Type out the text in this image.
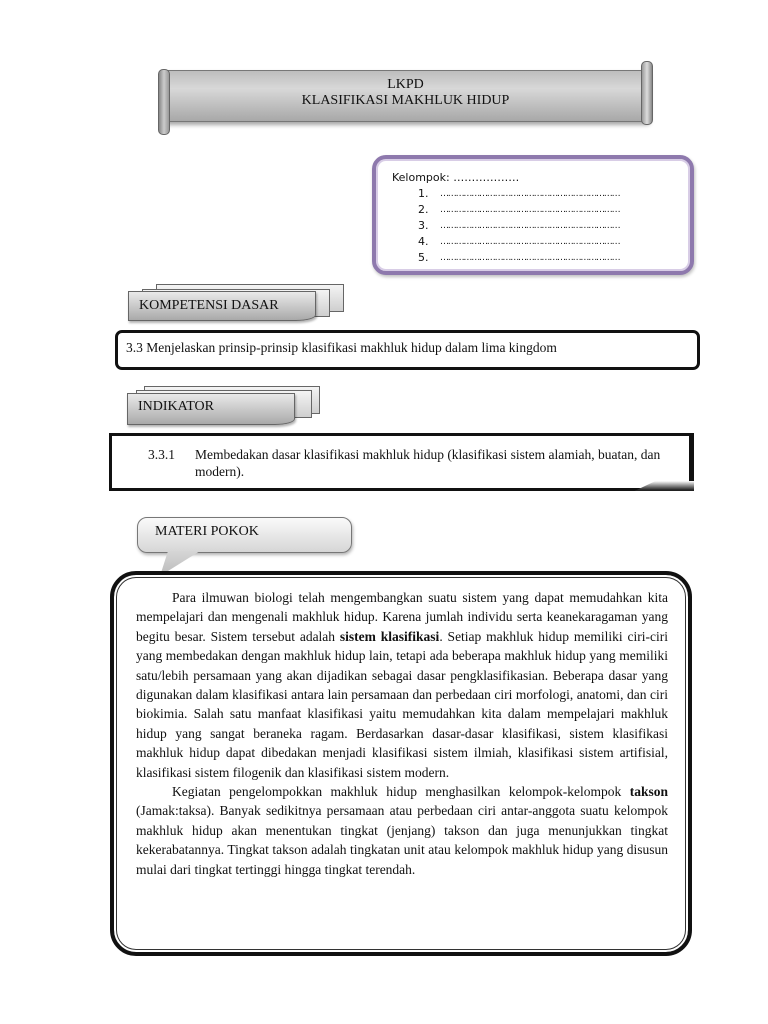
LKPD
KLASIFIKASI MAKHLUK HIDUP
Kelompok: ………………
1.	……………………………………………………………
2.	……………………………………………………………
3.	……………………………………………………………
4.	……………………………………………………………
5.	……………………………………………………………
KOMPETENSI DASAR
3.3 Menjelaskan prinsip-prinsip klasifikasi makhluk hidup dalam lima kingdom
INDIKATOR
3.3.1	Membedakan dasar klasifikasi makhluk hidup (klasifikasi sistem alamiah, buatan, dan modern).
MATERI POKOK

Para ilmuwan biologi telah mengembangkan suatu sistem yang dapat memudahkan kita mempelajari dan mengenali makhluk hidup. Karena jumlah individu serta keanekaragaman yang begitu besar. Sistem tersebut adalah sistem klasifikasi. Setiap makhluk hidup memiliki ciri-ciri yang membedakan dengan makhluk hidup lain, tetapi ada beberapa makhluk hidup yang memiliki satu/lebih persamaan yang akan dijadikan sebagai dasar pengklasifikasian. Beberapa dasar yang digunakan dalam klasifikasi antara lain persamaan dan perbedaan ciri morfologi, anatomi, dan ciri biokimia. Salah satu manfaat klasifikasi yaitu memudahkan kita dalam mempelajari makhluk hidup yang sangat beraneka ragam. Berdasarkan dasar-dasar klasifikasi, sistem klasifikasi makhluk hidup dapat dibedakan menjadi klasifikasi sistem ilmiah, klasifikasi sistem artifisial, klasifikasi sistem filogenik dan klasifikasi sistem modern.

Kegiatan pengelompokkan makhluk hidup menghasilkan kelompok-kelompok takson (Jamak:taksa). Banyak sedikitnya persamaan atau perbedaan ciri antar-anggota suatu kelompok makhluk hidup akan menentukan tingkat (jenjang) takson dan juga menunjukkan tingkat kekerabatannya. Tingkat takson adalah tingkatan unit atau kelompok makhluk hidup yang disusun mulai dari tingkat tertinggi hingga tingkat terendah.
